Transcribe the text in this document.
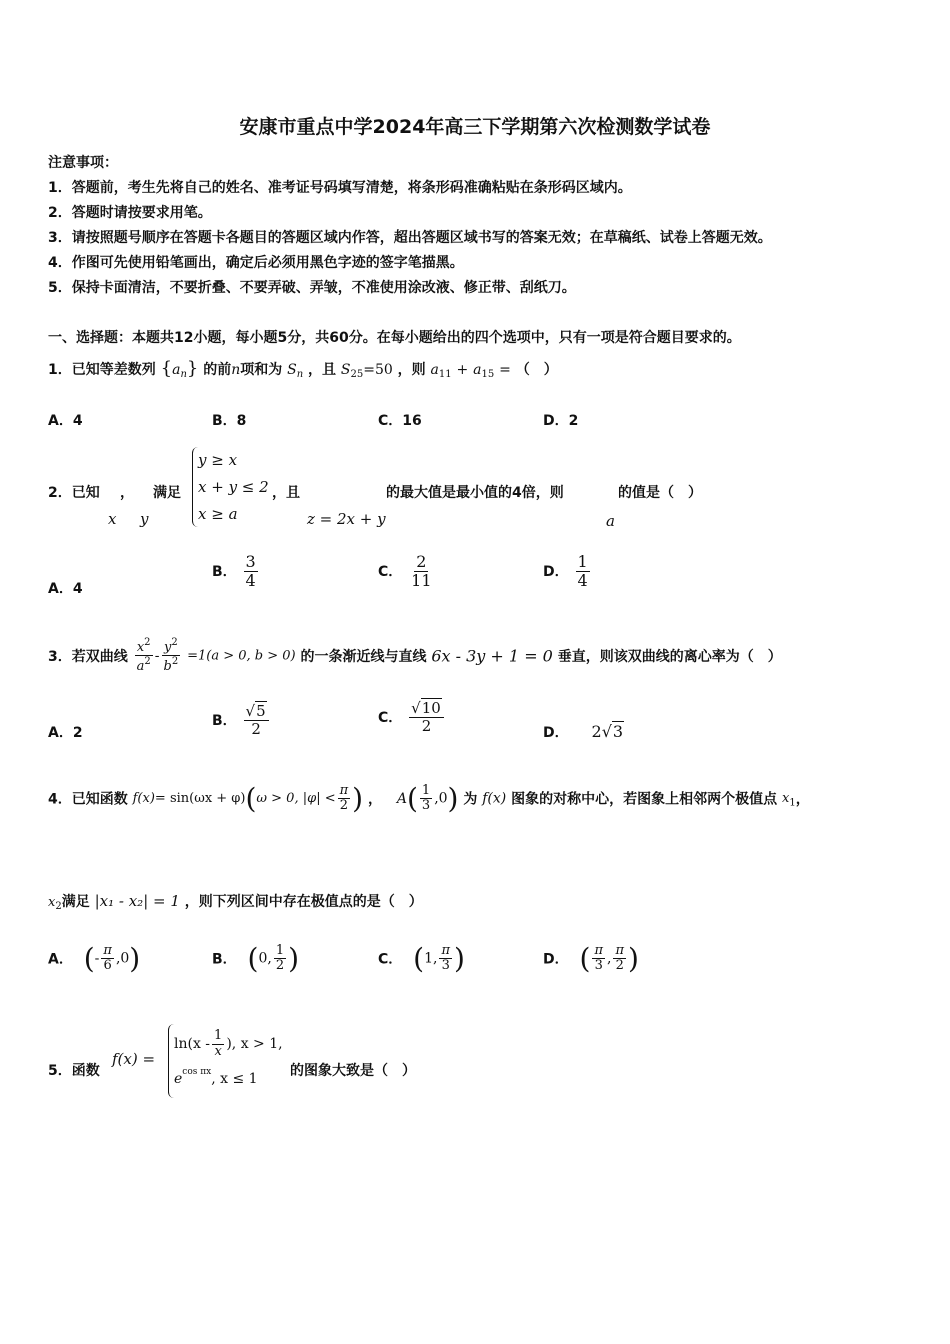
安康市重点中学2024年高三下学期第六次检测数学试卷
注意事项：
1．答题前，考生先将自己的姓名、准考证号码填写清楚，将条形码准确粘贴在条形码区域内。
2．答题时请按要求用笔。
3．请按照题号顺序在答题卡各题目的答题区域内作答，超出答题区域书写的答案无效；在草稿纸、试卷上答题无效。
4．作图可先使用铅笔画出，确定后必须用黑色字迹的签字笔描黑。
5．保持卡面清洁，不要折叠、不要弄破、弄皱，不准使用涂改液、修正带、刮纸刀。
一、选择题：本题共12小题，每小题5分，共60分。在每小题给出的四个选项中，只有一项是符合题目要求的。
1．已知等差数列 $\{a_n\}$ 的前n项和为 $S_n$ ，且 $S_{25}=50$ ，则 $a_{11} + a_{15}$ = （　）
A．4	B．8	C．16	D．2
2．已知 ， 满足
x y
y ≥ x
x + y ≤ 2
x ≥ a
，且
z = 2x + y
的最大值是最小值的4倍，则	的值是（　）
a
A．4
B． $\frac{3}{4}$	C． $\frac{2}{11}$	D． $\frac{1}{4}$
3．若双曲线 $\frac{x^2}{a^2} - \frac{y^2}{b^2} =1(a > 0$, b > 0) 的一条渐近线与直线 6x - 3y + 1 = 0 垂直，则该双曲线的离心率为（　）
A．2
B． $\frac{√5}{2}$	C． $\frac{√10}{2}$	D． 2√3
4．已知函数 f(x)= sin(ωx + φ)(ω > 0, $|\varphi| < \frac{\pi}{2}$ ) ， $A( \frac{1}{3} ,0)$ 为 f(x) 图象的对称中心，若图象上相邻两个极值点 $x_1$，
$x_2$满足 |x₁ - x₂| = 1 ，则下列区间中存在极值点的是（　）
A． (- $\frac{\pi}{6} ,0$)	B． (0, $\frac{1}{2}$ )	C． (1, $\frac{\pi}{3}$ )	D． ( $\frac{\pi}{3}$ , $\frac{\pi}{2}$ )
5．函数
f(x) =
$\ln(x - \frac{1}{x}$ ), x > 1,
e cos πx , x ≤ 1 的图象大致是（　）
